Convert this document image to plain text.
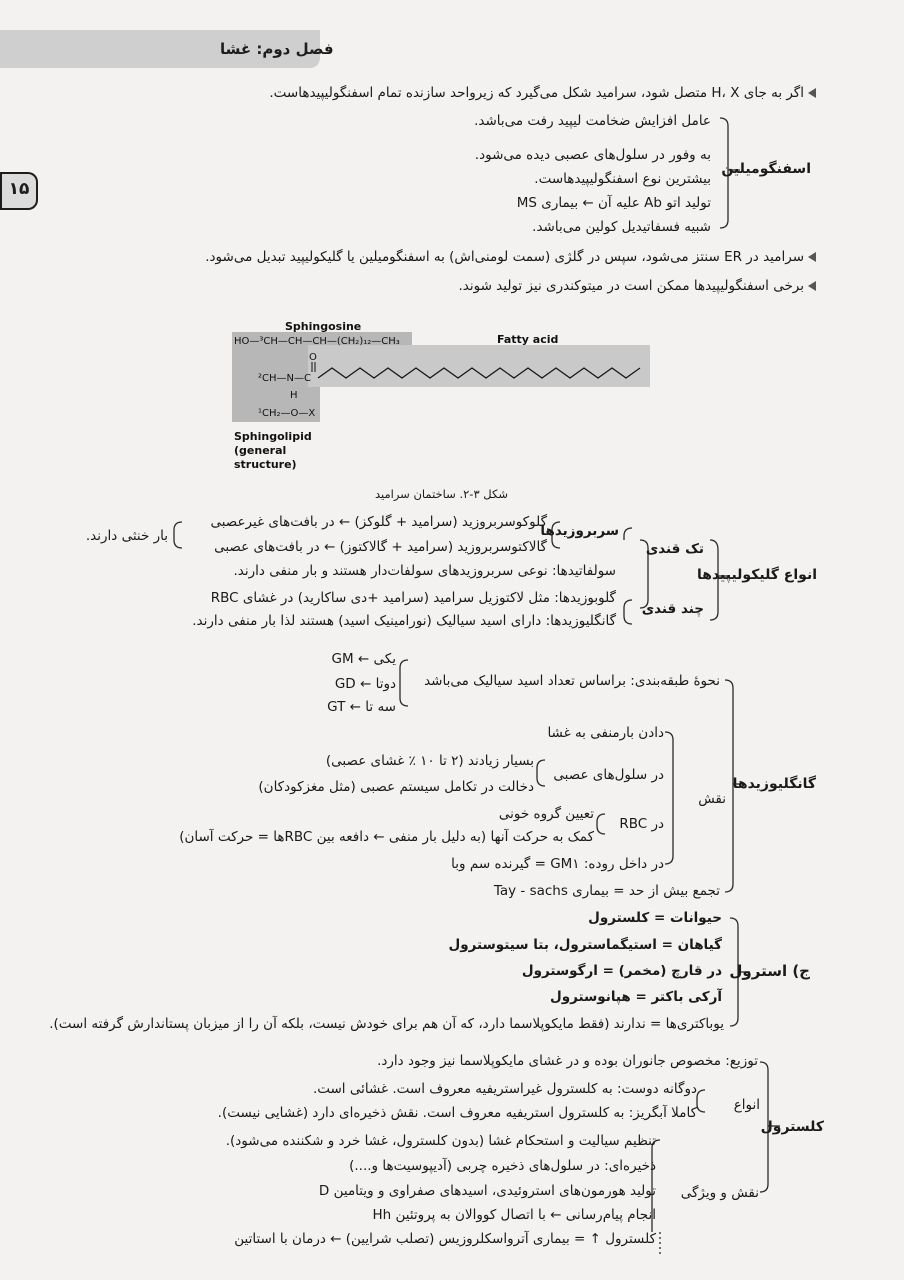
‌ ‌ ‌ ‌ ‌ ‌ ‌ ‌ ‌
فصل دوم: غشا
۱۵
اگر به جای H، X متصل شود، سرامید شکل می‌گیرد که زیرواحد سازنده تمام اسفنگولیپیدهاست.
اسفنگومیلین
عامل افزایش ضخامت لیپید رفت می‌باشد.
به وفور در سلول‌های عصبی دیده می‌شود.
بیشترین نوع اسفنگولیپیدهاست.
تولید اتو Ab علیه آن ← بیماری MS
شبیه فسفاتیدیل کولین می‌باشد.
سرامید در ER سنتز می‌شود، سپس در گلژی (سمت لومنی‌اش) به اسفنگومیلین یا گلیکولیپید تبدیل می‌شود.
برخی اسفنگولیپیدها ممکن است در میتوکندری نیز تولید شوند.
Sphingosine
Fatty acid
HO—³CH—CH—CH—(CH₂)₁₂—CH₃
O
²CH—N—C
H
¹CH₂—O—X
Sphingolipid (general structure)
شکل ۳-۲. ساختمان سرامید
انواع گلیکولیپیدها
تک قندی
سربروزیدها
گلوکوسربروزید (سرامید + گلوکز) ← در بافت‌های غیرعصبی
گالاکتوسربروزید (سرامید + گالاکتوز) ← در بافت‌های عصبی
بار خنثی دارند.
سولفاتیدها: نوعی سربروزیدهای سولفات‌دار هستند و بار منفی دارند.
چند قندی
گلوبوزیدها: مثل لاکتوزیل سرامید (سرامید +دی ساکارید) در غشای RBC
گانگلیوزیدها: دارای اسید سیالیک (نورامینیک اسید) هستند لذا بار منفی دارند.
گانگلیوزیدها
نحوهٔ طبقه‌بندی: براساس تعداد اسید سیالیک می‌باشد
GM ← یکی
GD ← دوتا
GT ← سه تا
نقش
دادن بارمنفی به غشا
در سلول‌های عصبی
بسیار زیادند (۲ تا ۱۰ ٪ غشای عصبی)
دخالت در تکامل سیستم عصبی (مثل مغزکودکان)
در RBC
تعیین گروه خونی
کمک به حرکت آنها (به دلیل بار منفی ← دافعه بین RBCها = حرکت آسان)
در داخل روده: GM۱ = گیرنده سم وبا
تجمع بیش از حد = بیماری Tay - sachs
ج) استرول
حیوانات = کلسترول
گیاهان = استیگماسترول، بتا سیتوسترول
در قارچ (مخمر) = ارگوسترول
آرکی باکتر = هپانوسترول
یوباکتری‌ها = ندارند (فقط مایکوپلاسما دارد، که آن هم برای خودش نیست، بلکه آن را از میزبان پستاندارش گرفته است).
کلسترول
توزیع: مخصوص جانوران بوده و در غشای مایکوپلاسما نیز وجود دارد.
انواع
دوگانه دوست: به کلسترول غیراستریفیه معروف است. غشائی است.
کاملا آبگریز: به کلسترول استریفیه معروف است. نقش ذخیره‌ای دارد (غشایی نیست).
نقش و ویژگی
تنظیم سیالیت و استحکام غشا (بدون کلسترول، غشا خرد و شکننده می‌شود).
ذخیره‌ای: در سلول‌های ذخیره چربی (آدیپوسیت‌ها و....)
تولید هورمون‌های استروئیدی، اسیدهای صفراوی و ویتامین D
انجام پیام‌رسانی ← با اتصال کووالان به پروتئین Hh
کلسترول ↑ = بیماری آترواسکلروزیس (تصلب شرایین) ← درمان با استاتین
